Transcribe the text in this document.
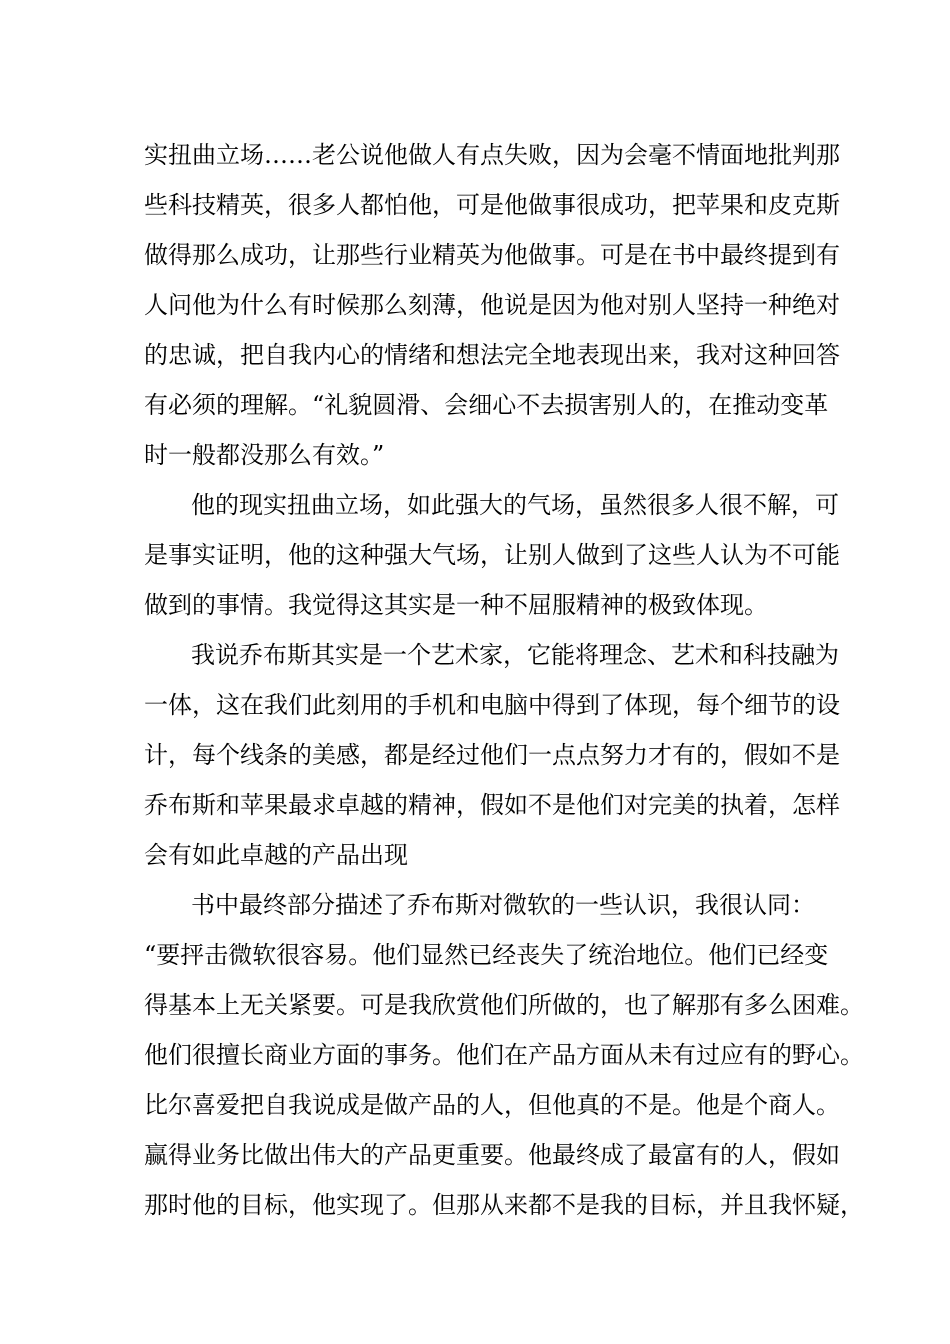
实扭曲立场……老公说他做人有点失败，因为会毫不情面地批判那
些科技精英，很多人都怕他，可是他做事很成功，把苹果和皮克斯
做得那么成功，让那些行业精英为他做事。可是在书中最终提到有
人问他为什么有时候那么刻薄，他说是因为他对别人坚持一种绝对
的忠诚，把自我内心的情绪和想法完全地表现出来，我对这种回答
有必须的理解。“礼貌圆滑、会细心不去损害别人的，在推动变革
时一般都没那么有效。”
他的现实扭曲立场，如此强大的气场，虽然很多人很不解，可
是事实证明，他的这种强大气场，让别人做到了这些人认为不可能
做到的事情。我觉得这其实是一种不屈服精神的极致体现。
我说乔布斯其实是一个艺术家，它能将理念、艺术和科技融为
一体，这在我们此刻用的手机和电脑中得到了体现，每个细节的设
计，每个线条的美感，都是经过他们一点点努力才有的，假如不是
乔布斯和苹果最求卓越的精神，假如不是他们对完美的执着，怎样
会有如此卓越的产品出现
书中最终部分描述了乔布斯对微软的一些认识，我很认同：
“要抨击微软很容易。他们显然已经丧失了统治地位。他们已经变
得基本上无关紧要。可是我欣赏他们所做的，也了解那有多么困难。
他们很擅长商业方面的事务。他们在产品方面从未有过应有的野心。
比尔喜爱把自我说成是做产品的人，但他真的不是。他是个商人。
赢得业务比做出伟大的产品更重要。他最终成了最富有的人，假如
那时他的目标，他实现了。但那从来都不是我的目标，并且我怀疑，
